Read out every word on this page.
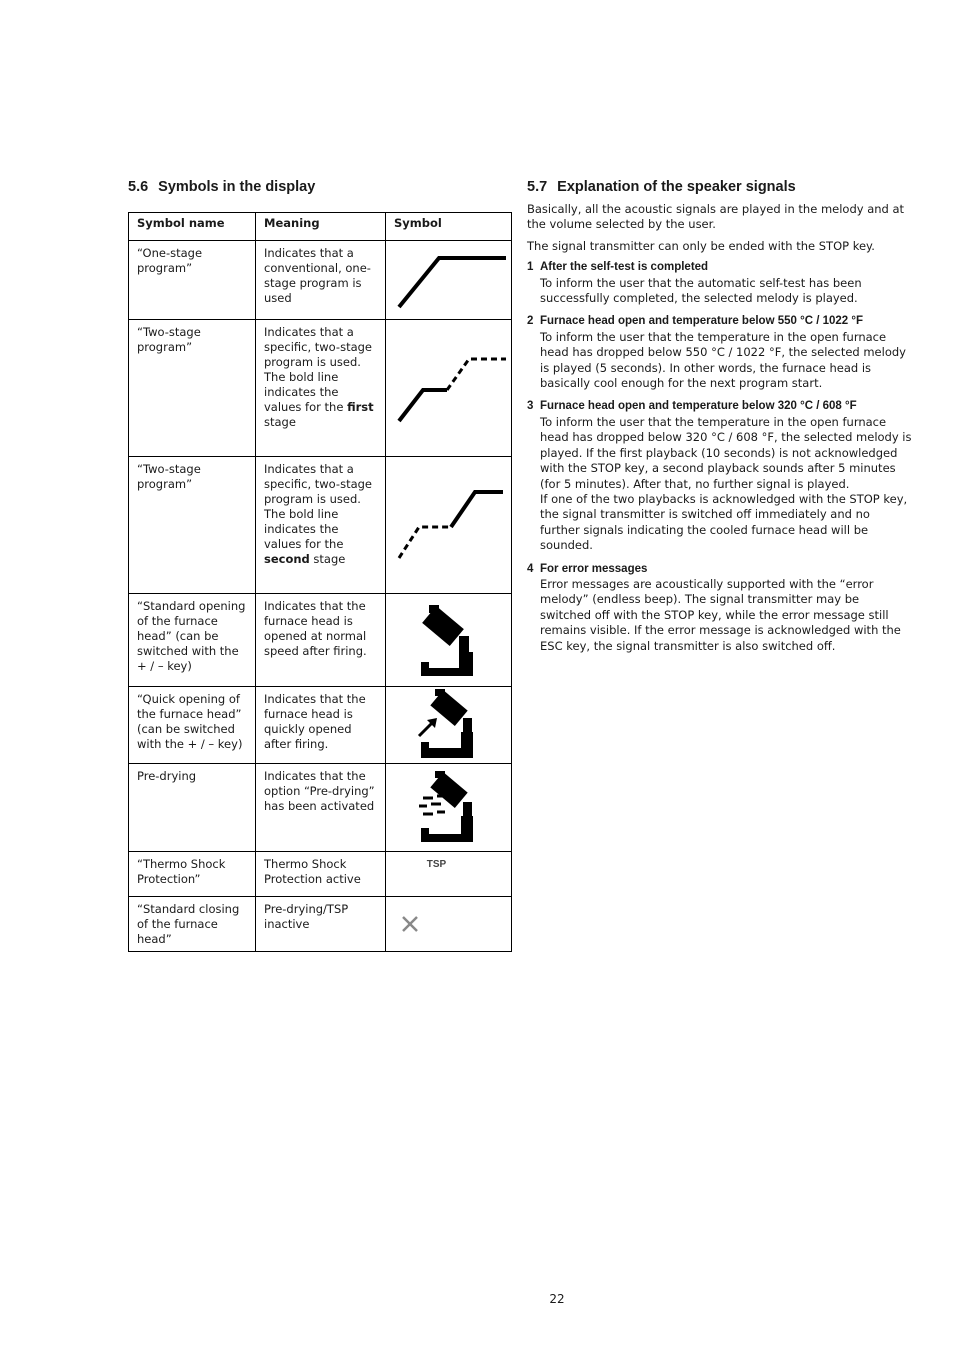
5.6 Symbols in the display
Symbol name	Meaning	Symbol
“One-stage program”	Indicates that a conventional, one-stage program is used	

“Two-stage program”	Indicates that a specific, two-stage program is used. The bold line indicates the values for the first stage	

“Two-stage program”	Indicates that a specific, two-stage program is used. The bold line indicates the values for the second stage	

“Standard opening of the furnace head” (can be switched with the + / – key)	Indicates that the furnace head is opened at normal speed after firing.	

“Quick opening of the furnace head” (can be switched with the + / – key)	Indicates that the furnace head is quickly opened after firing.	

Pre-drying	Indicates that the option “Pre-drying” has been activated	

“Thermo Shock Protection”	Thermo Shock Protection active	TSP
“Standard closing of the furnace head”	Pre-drying/TSP inactive	
5.7 Explanation of the speaker signals

Basically, all the acoustic signals are played in the melody and at the volume selected by the user.

The signal transmitter can only be ended with the STOP key.

1 After the self-test is completed
To inform the user that the automatic self-test has been successfully completed, the selected melody is played.
2 Furnace head open and temperature below 550 °C / 1022 °F
To inform the user that the temperature in the open furnace head has dropped below 550 °C / 1022 °F, the selected melody is played (5 seconds). In other words, the furnace head is basically cool enough for the next program start.
3 Furnace head open and temperature below 320 °C / 608 °F
To inform the user that the temperature in the open furnace head has dropped below 320 °C / 608 °F, the selected melody is played. If the first playback (10 seconds) is not acknowledged with the STOP key, a second playback sounds after 5 minutes (for 5 minutes). After that, no further signal is played.
If one of the two playbacks is acknowledged with the STOP key, the signal transmitter is switched off immediately and no further signals indicating the cooled furnace head will be sounded.
4 For error messages
Error messages are acoustically supported with the “error melody” (endless beep). The signal transmitter may be switched off with the STOP key, while the error message still remains visible. If the error message is acknowledged with the ESC key, the signal transmitter is also switched off.
22
